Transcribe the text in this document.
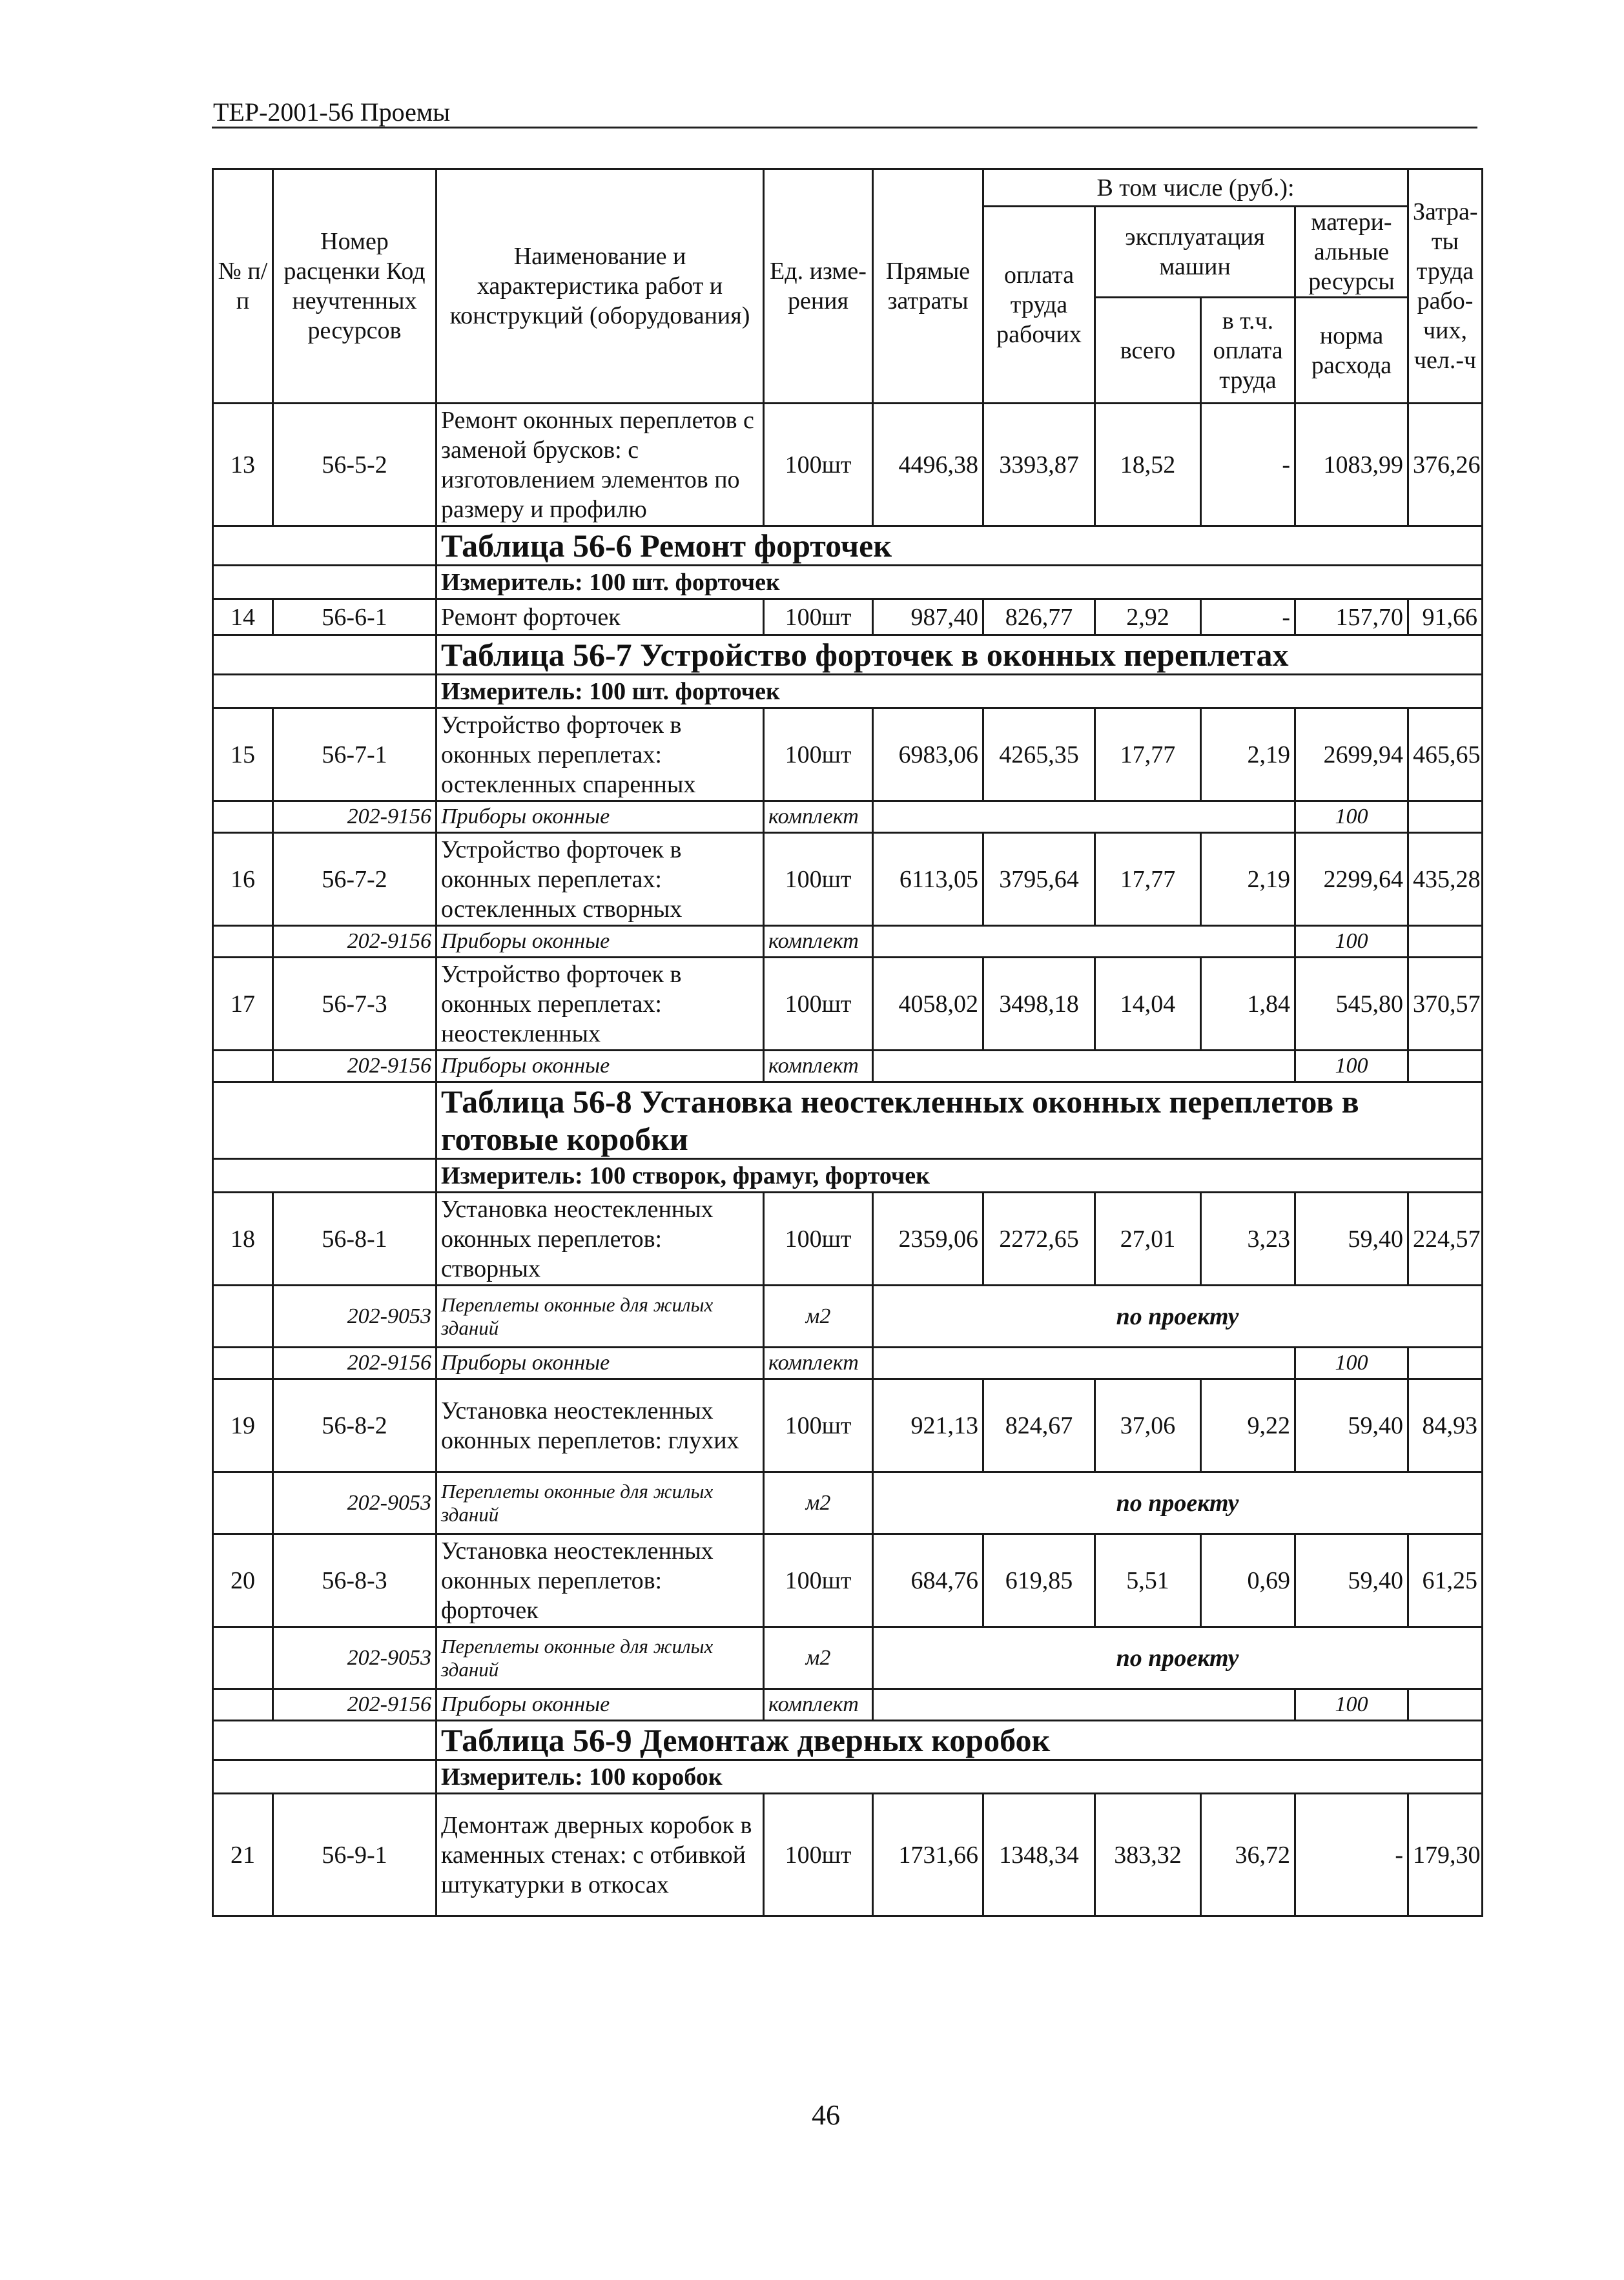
ТЕР-2001-56 Проемы
№ п/п	Номер расценки Код неучтенных ресурсов	Наименование и характеристика работ и конструкций (оборудования)	Ед. изме-рения	Прямые затраты	В том числе (руб.):				Затра-ты труда рабо-чих, чел.-ч
					оплата труда рабочих	эксплуатация машин		матери-альные ресурсы	

						всего	в т.ч. оплата труда	норма расхода	
13	56-5-2	Ремонт оконных переплетов с заменой брусков: с изготовлением элементов по размеру и профилю	100шт	4496,38	3393,87	18,52	-	1083,99	376,26
		Таблица 56-6 Ремонт форточек							
		Измеритель: 100 шт. форточек							
14	56-6-1	Ремонт форточек	100шт	987,40	826,77	2,92	-	157,70	91,66
		Таблица 56-7 Устройство форточек в оконных переплетах							
		Измеритель: 100 шт. форточек							
15	56-7-1	Устройство форточек в оконных переплетах: остекленных спаренных	100шт	6983,06	4265,35	17,77	2,19	2699,94	465,65
	202-9156	Приборы оконные	комплект					100	
16	56-7-2	Устройство форточек в оконных переплетах: остекленных створных	100шт	6113,05	3795,64	17,77	2,19	2299,64	435,28
	202-9156	Приборы оконные	комплект					100	
17	56-7-3	Устройство форточек в оконных переплетах: неостекленных	100шт	4058,02	3498,18	14,04	1,84	545,80	370,57
	202-9156	Приборы оконные	комплект					100	
		Таблица 56-8 Установка неостекленных оконных переплетов в готовые коробки							
		Измеритель: 100 створок, фрамуг, форточек							
18	56-8-1	Установка неостекленных оконных переплетов: створных	100шт	2359,06	2272,65	27,01	3,23	59,40	224,57
	202-9053	Переплеты оконные для жилых зданий	м2	по проекту					
	202-9156	Приборы оконные	комплект					100	
19	56-8-2	Установка неостекленных оконных переплетов: глухих	100шт	921,13	824,67	37,06	9,22	59,40	84,93
	202-9053	Переплеты оконные для жилых зданий	м2	по проекту					
20	56-8-3	Установка неостекленных оконных переплетов: форточек	100шт	684,76	619,85	5,51	0,69	59,40	61,25
	202-9053	Переплеты оконные для жилых зданий	м2	по проекту					
	202-9156	Приборы оконные	комплект					100	
		Таблица 56-9 Демонтаж дверных коробок							
		Измеритель: 100 коробок							
21	56-9-1	Демонтаж дверных коробок в каменных стенах: с отбивкой штукатурки в откосах	100шт	1731,66	1348,34	383,32	36,72	-	179,30
46
